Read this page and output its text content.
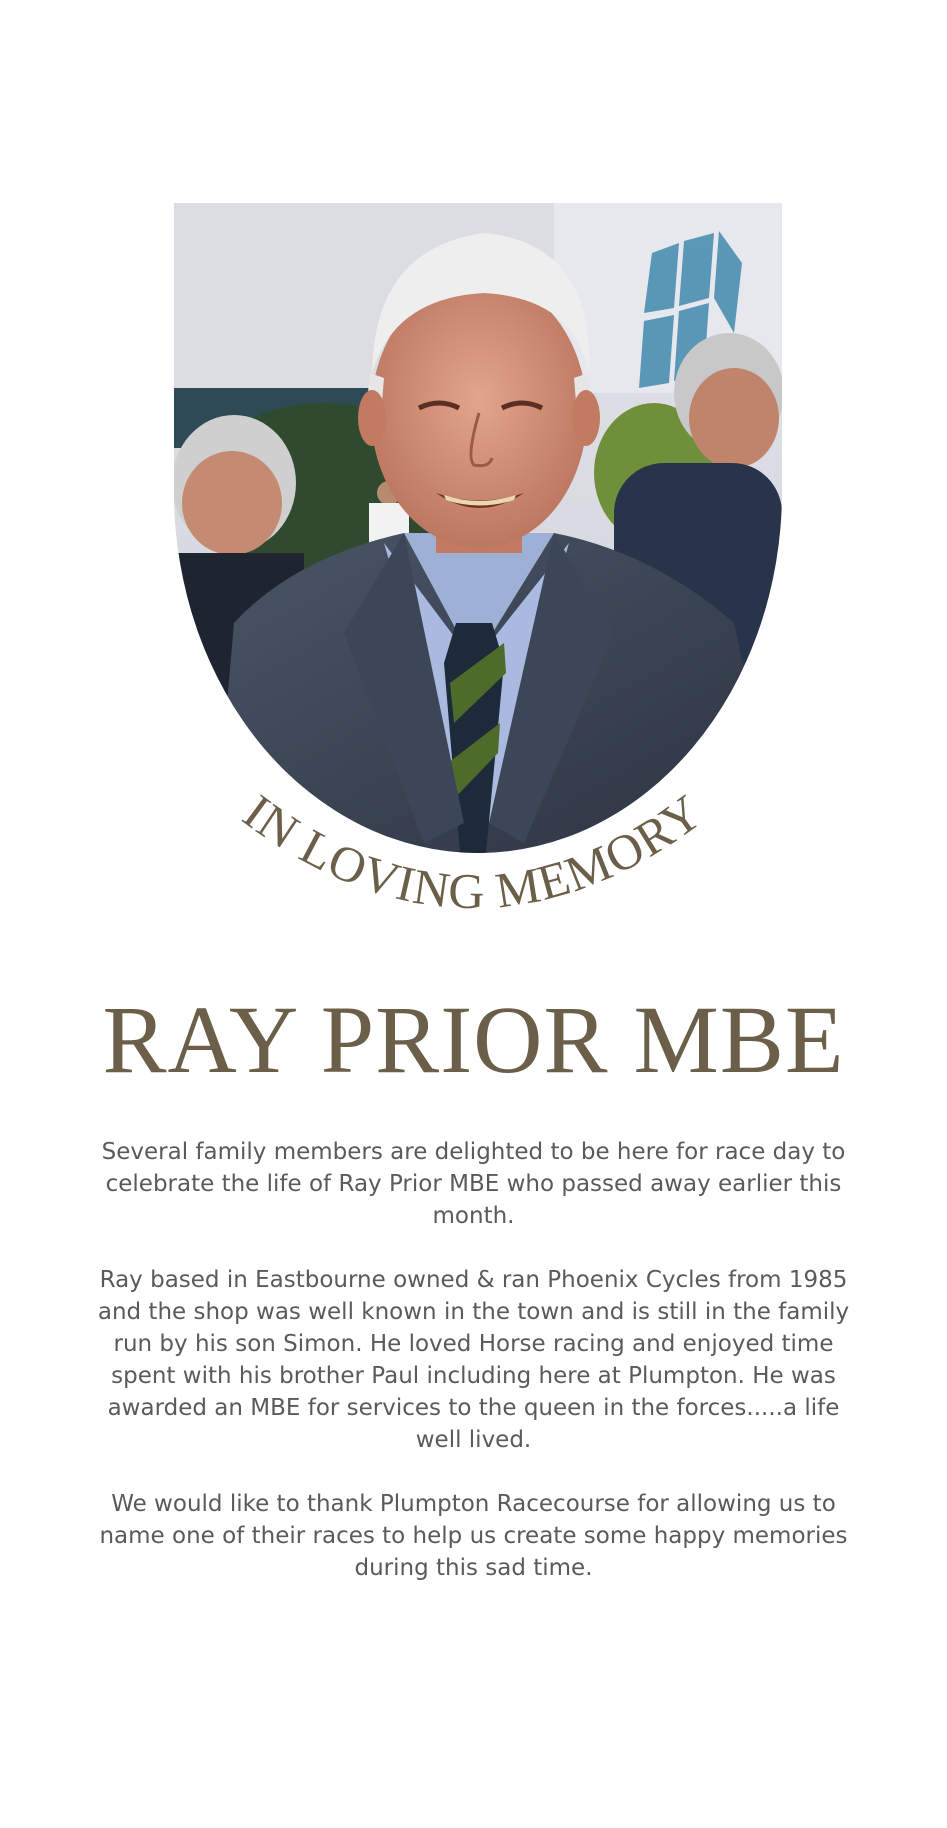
IN LOVING MEMORY
RAY PRIOR MBE

Several family members are delighted to be here for race day to celebrate the life of Ray Prior MBE who passed away earlier this month.

Ray based in Eastbourne owned & ran Phoenix Cycles from 1985 and the shop was well known in the town and is still in the family run by his son Simon. He loved Horse racing and enjoyed time spent with his brother Paul including here at Plumpton. He was awarded an MBE for services to the queen in the forces.....a life well lived.

We would like to thank Plumpton Racecourse for allowing us to name one of their races to help us create some happy memories during this sad time.
